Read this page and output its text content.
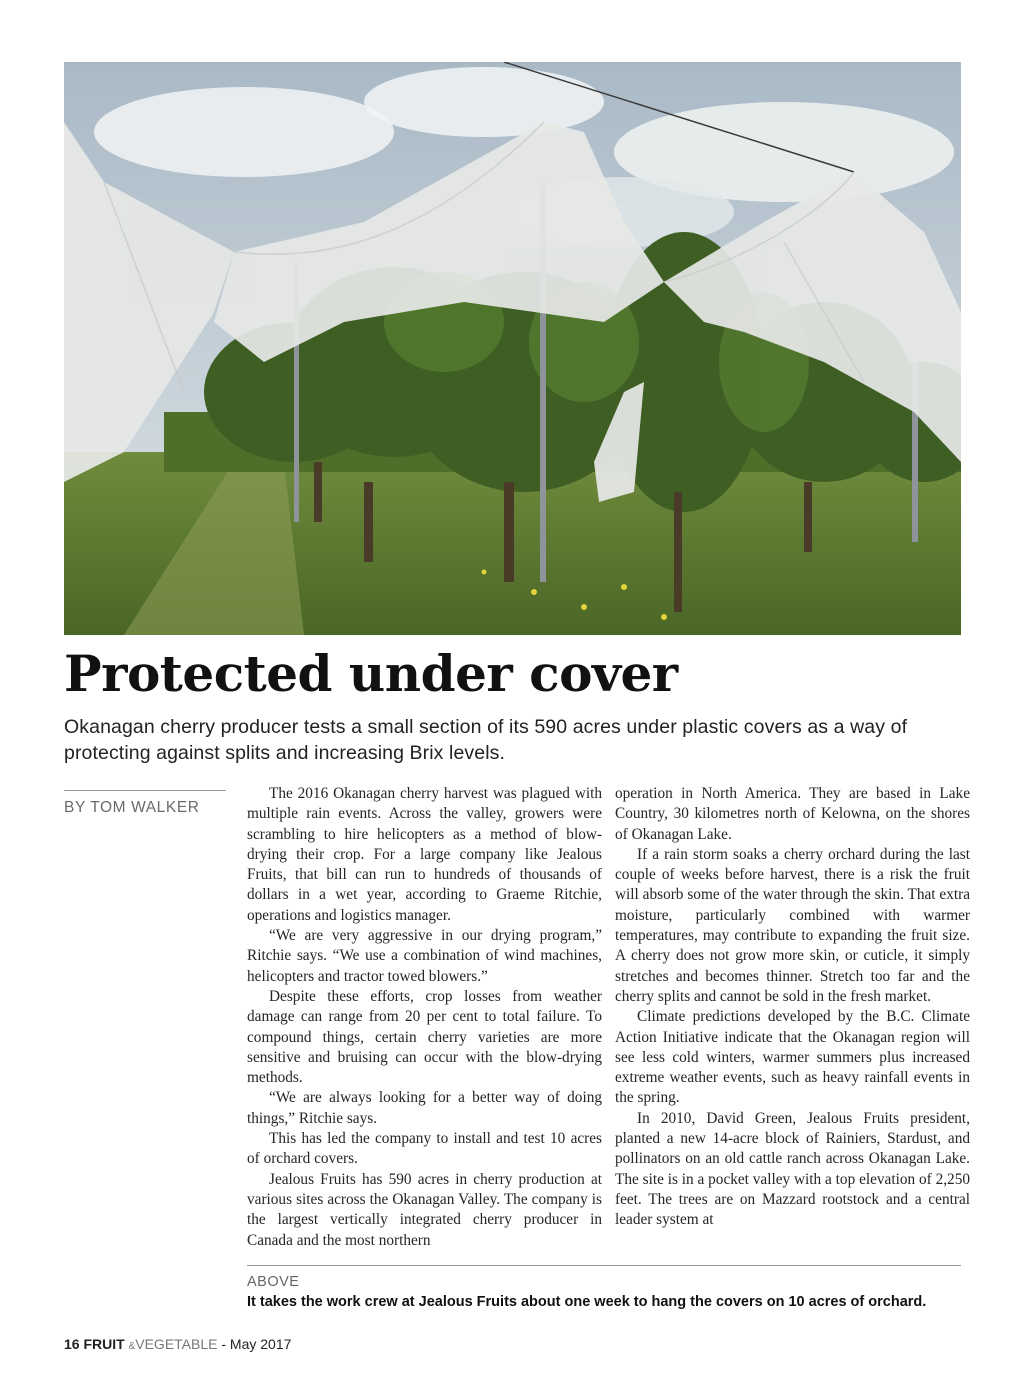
Protected under cover

Okanagan cherry producer tests a small section of its 590 acres under plastic covers as a way of protecting against splits and increasing Brix levels.

BY TOM WALKER

The 2016 Okanagan cherry harvest was plagued with multiple rain events. Across the valley, growers were scrambling to hire helicopters as a method of blow-drying their crop. For a large company like Jealous Fruits, that bill can run to hundreds of thousands of dollars in a wet year, according to Graeme Ritchie, operations and logistics manager.

“We are very aggressive in our drying program,” Ritchie says. “We use a combination of wind machines, helicopters and tractor towed blowers.”

Despite these efforts, crop losses from weather damage can range from 20 per cent to total failure. To compound things, certain cherry varieties are more sensitive and bruising can occur with the blow-drying methods.

“We are always looking for a better way of doing things,” Ritchie says.

This has led the company to install and test 10 acres of orchard covers.

Jealous Fruits has 590 acres in cherry production at various sites across the Okanagan Valley. The company is the largest vertically integrated cherry producer in Canada and the most northern

operation in North America. They are based in Lake Country, 30 kilometres north of Kelowna, on the shores of Okanagan Lake.

If a rain storm soaks a cherry orchard during the last couple of weeks before harvest, there is a risk the fruit will absorb some of the water through the skin. That extra moisture, particularly combined with warmer temperatures, may contribute to expanding the fruit size. A cherry does not grow more skin, or cuticle, it simply stretches and becomes thinner. Stretch too far and the cherry splits and cannot be sold in the fresh market.

Climate predictions developed by the B.C. Climate Action Initiative indicate that the Okanagan region will see less cold winters, warmer summers plus increased extreme weather events, such as heavy rainfall events in the spring.

In 2010, David Green, Jealous Fruits president, planted a new 14-acre block of Rainiers, Stardust, and pollinators on an old cattle ranch across Okanagan Lake. The site is in a pocket valley with a top elevation of 2,250 feet. The trees are on Mazzard rootstock and a central leader system at

ABOVE
It takes the work crew at Jealous Fruits about one week to hang the covers on 10 acres of orchard.
16 FRUIT &VEGETABLE - May 2017
